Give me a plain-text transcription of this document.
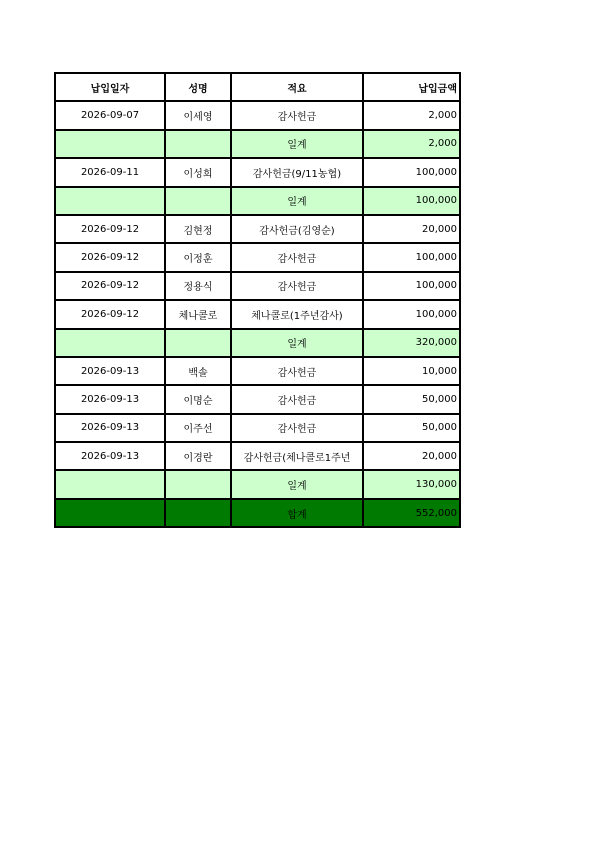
납입일자	성명	적요	납입금액
2026-09-07	이세영	감사헌금	2,000
		일계	2,000
2026-09-11	이성희	감사헌금(9/11농협)	100,000
		일계	100,000
2026-09-12	김현정	감사헌금(김영순)	20,000
2026-09-12	이정훈	감사헌금	100,000
2026-09-12	정용식	감사헌금	100,000
2026-09-12	체나콜로	체나콜로(1주년감사)	100,000
		일계	320,000
2026-09-13	백솔	감사헌금	10,000
2026-09-13	이명순	감사헌금	50,000
2026-09-13	이주선	감사헌금	50,000
2026-09-13	이경란	감사헌금(체나콜로1주년	20,000
		일계	130,000
		합계	552,000
